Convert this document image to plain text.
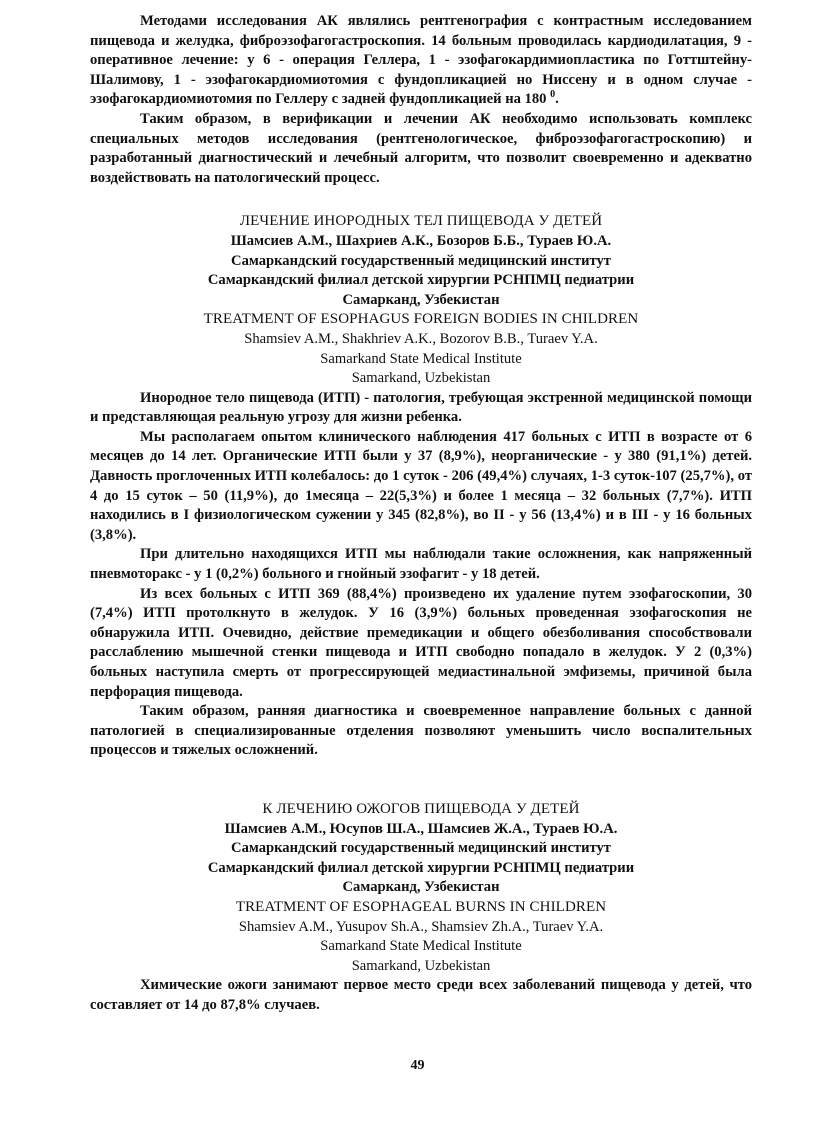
Методами исследования АК являлись рентгенография с контрастным исследованием пищевода и желудка, фиброэзофагогастроскопия. 14 больным проводилась кардиодилатация, 9 - оперативное лечение: у 6 - операция Геллера, 1 - эзофагокардимиопластика по Готтштейну-Шалимову, 1 - эзофагокардиомиотомия с фундопликацией но Ниссену и в одном случае - эзофагокардиомиотомия по Геллеру с задней фундопликацией на 180 $^0$.

Таким образом, в верификации и лечении АК необходимо использовать комплекс специальных методов исследования (рентгенологическое, фиброэзофагогастроскопию) и разработанный диагностический и лечебный алгоритм, что позволит своевременно и адекватно воздействовать на патологический процесс.

ЛЕЧЕНИЕ ИНОРОДНЫХ ТЕЛ ПИЩЕВОДА У ДЕТЕЙ
Шамсиев А.М., Шахриев А.К., Бозоров Б.Б., Тураев Ю.А.
Самаркандский государственный медицинский институт
Самаркандский филиал детской хирургии РСНПМЦ педиатрии
Самарканд, Узбекистан
TREATMENT OF ESOPHAGUS FOREIGN BODIES IN CHILDREN
Shamsiev A.M., Shakhriev A.K., Bozorov B.B., Turaev Y.A.
Samarkand State Medical Institute
Samarkand, Uzbekistan

Инородное тело пищевода (ИТП) - патология, требующая экстренной медицинской помощи и представляющая реальную угрозу для жизни ребенка.

Мы располагаем опытом клинического наблюдения 417 больных с ИТП в возрасте от 6 месяцев до 14 лет. Органические ИТП были у 37 (8,9%), неорганические - у 380 (91,1%) детей. Давность проглоченных ИТП колебалось: до 1 суток - 206 (49,4%) случаях, 1-3 суток-107 (25,7%), от 4 до 15 суток – 50 (11,9%), до 1месяца – 22(5,3%) и более 1 месяца – 32 больных (7,7%). ИТП находились в I физиологическом сужении у 345 (82,8%), во II - у 56 (13,4%) и в III - у 16 больных (3,8%).

При длительно находящихся ИТП мы наблюдали такие осложнения, как напряженный пневмоторакс - у 1 (0,2%) больного и гнойный эзофагит - у 18 детей.

Из всех больных с ИТП 369 (88,4%) произведено их удаление путем эзофагоскопии, 30 (7,4%) ИТП протолкнуто в желудок. У 16 (3,9%) больных проведенная эзофагоскопия не обнаружила ИТП. Очевидно, действие премедикации и общего обезболивания способствовали расслаблению мышечной стенки пищевода и ИТП свободно попадало в желудок. У 2 (0,3%) больных наступила смерть от прогрессирующей медиастинальной эмфиземы, причиной была перфорация пищевода.

Таким образом, ранняя диагностика и своевременное направление больных с данной патологией в специализированные отделения позволяют уменьшить число воспалительных процессов и тяжелых осложнений.

К ЛЕЧЕНИЮ ОЖОГОВ ПИЩЕВОДА У ДЕТЕЙ
Шамсиев А.М., Юсупов Ш.А., Шамсиев Ж.А., Тураев Ю.А.
Самаркандский государственный медицинский институт
Самаркандский филиал детской хирургии РСНПМЦ педиатрии
Самарканд, Узбекистан
TREATMENT OF ESOPHAGEAL BURNS IN CHILDREN
Shamsiev A.M., Yusupov Sh.A., Shamsiev Zh.A., Turaev Y.A.
Samarkand State Medical Institute
Samarkand, Uzbekistan

Химические ожоги занимают первое место среди всех заболеваний пищевода у детей, что составляет от 14 до 87,8% случаев.

49
